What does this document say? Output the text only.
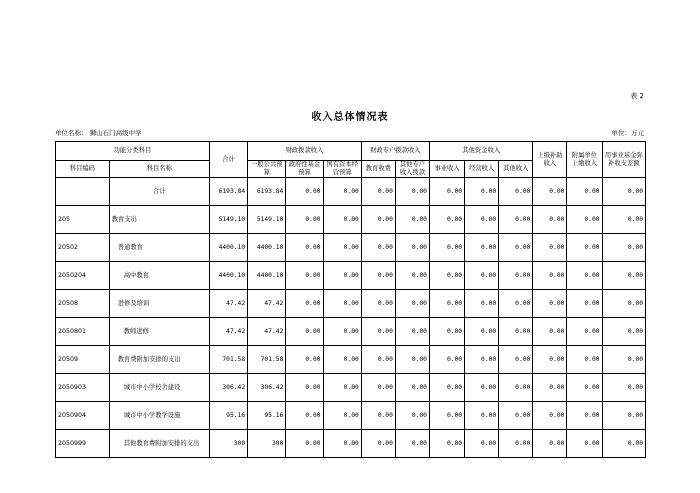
表 2
收入总体情况表
单位名称： 狮山石门高级中学	单位：万元
功能分类科目		合计	财政拨款收入			财政专户拨款收入		其他资金收入			上级补助收入	附属单位上缴收入	用事业基金弥补收支差额
科目编码	科目名称		一般公共预算	政府性基金预算	国有资本经营预算	教育收费	其他专户收入拨款	事业收入	经营收入	其他收入			

	合计	6193.84	6193.84	0.00	0.00	0.00	0.00	0.00	0.00	0.00	0.00	0.00	0.00
205	教育支出	5149.10	5149.10	0.00	0.00	0.00	0.00	0.00	0.00	0.00	0.00	0.00	0.00
20502	普通教育	4400.10	4400.10	0.00	0.00	0.00	0.00	0.00	0.00	0.00	0.00	0.00	0.00
2050204	高中教育	4400.10	4400.10	0.00	0.00	0.00	0.00	0.00	0.00	0.00	0.00	0.00	0.00
20508	进修及培训	47.42	47.42	0.00	0.00	0.00	0.00	0.00	0.00	0.00	0.00	0.00	0.00
2050801	教师进修	47.42	47.42	0.00	0.00	0.00	0.00	0.00	0.00	0.00	0.00	0.00	0.00
20509	教育费附加安排的支出	701.58	701.58	0.00	0.00	0.00	0.00	0.00	0.00	0.00	0.00	0.00	0.00
2050903	城市中小学校舍建设	306.42	306.42	0.00	0.00	0.00	0.00	0.00	0.00	0.00	0.00	0.00	0.00
2050904	城市中小学教学设施	95.16	95.16	0.00	0.00	0.00	0.00	0.00	0.00	0.00	0.00	0.00	0.00
2050999	其他教育费附加安排的支出	300	300	0.00	0.00	0.00	0.00	0.00	0.00	0.00	0.00	0.00	0.00
